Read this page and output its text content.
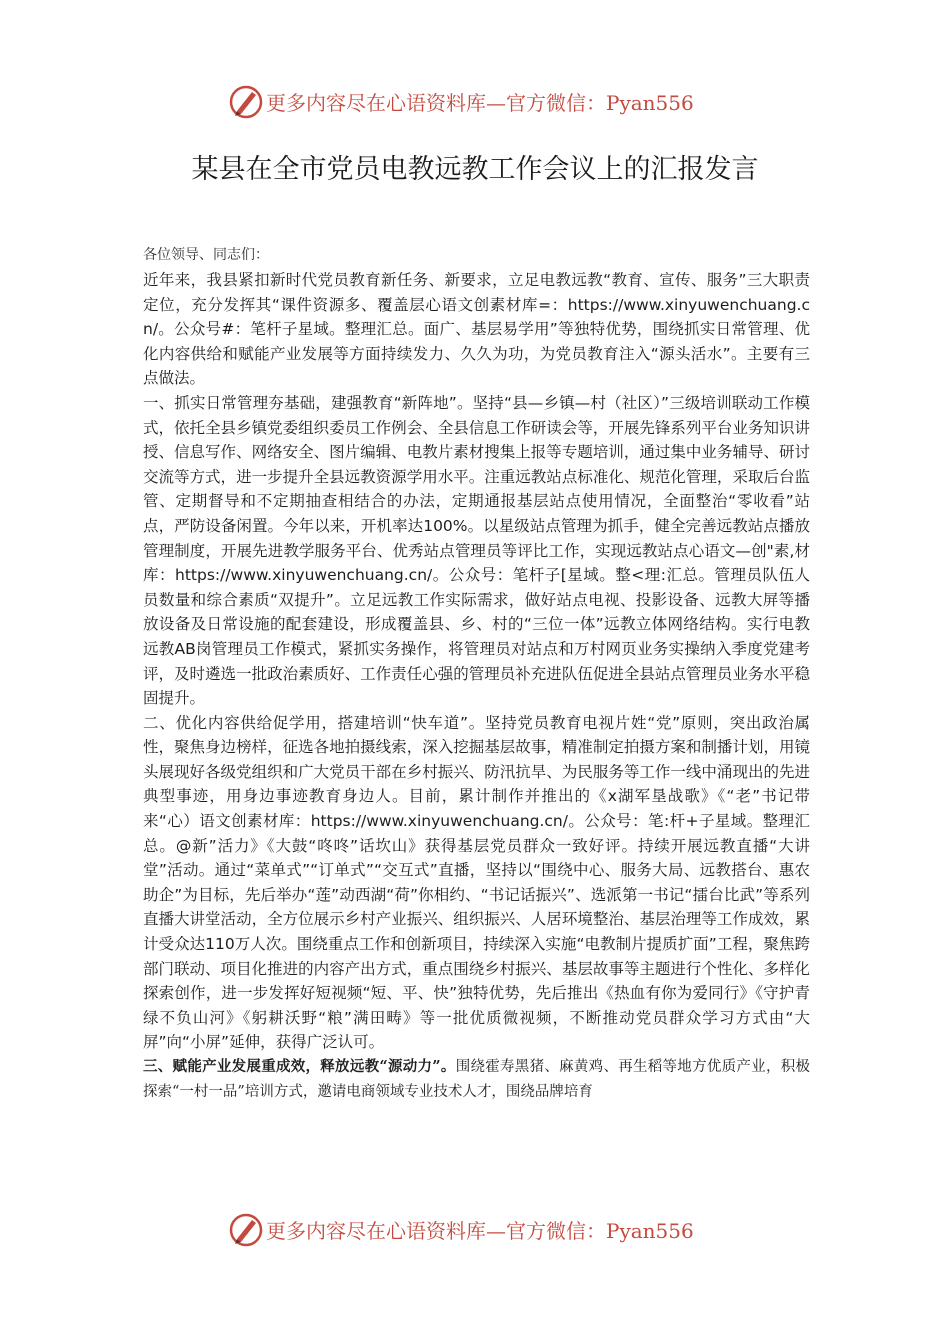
更多内容尽在心语资料库—官方微信：Pyan556
某县在全市党员电教远教工作会议上的汇报发言

各位领导、同志们：

近年来，我县紧扣新时代党员教育新任务、新要求，立足电教远教“教育、宣传、服务”三大职责定位，充分发挥其“课件资源多、覆盖层心语文创素材库=：https://www.xinyuwenchuang.cn/。公众号#：笔杆子星域。整理汇总。面广、基层易学用”等独特优势，围绕抓实日常管理、优化内容供给和赋能产业发展等方面持续发力、久久为功，为党员教育注入“源头活水”。主要有三点做法。

一、抓实日常管理夯基础，建强教育“新阵地”。坚持“县—乡镇—村（社区）”三级培训联动工作模式，依托全县乡镇党委组织委员工作例会、全县信息工作研读会等，开展先锋系列平台业务知识讲授、信息写作、网络安全、图片编辑、电教片素材搜集上报等专题培训，通过集中业务辅导、研讨交流等方式，进一步提升全县远教资源学用水平。注重远教站点标准化、规范化管理，采取后台监管、定期督导和不定期抽查相结合的办法，定期通报基层站点使用情况，全面整治“零收看”站点，严防设备闲置。今年以来，开机率达100%。以星级站点管理为抓手，健全完善远教站点播放管理制度，开展先进教学服务平台、优秀站点管理员等评比工作，实现远教站点心语文—创"素,材库：https://www.xinyuwenchuang.cn/。公众号：笔杆子[星域。整<理:汇总。管理员队伍人员数量和综合素质“双提升”。立足远教工作实际需求，做好站点电视、投影设备、远教大屏等播放设备及日常设施的配套建设，形成覆盖县、乡、村的“三位一体”远教立体网络结构。实行电教远教AB岗管理员工作模式，紧抓实务操作，将管理员对站点和万村网页业务实操纳入季度党建考评，及时遴选一批政治素质好、工作责任心强的管理员补充进队伍促进全县站点管理员业务水平稳固提升。

二、优化内容供给促学用，搭建培训“快车道”。坚持党员教育电视片姓“党”原则，突出政治属性，聚焦身边榜样，征选各地拍摄线索，深入挖掘基层故事，精准制定拍摄方案和制播计划，用镜头展现好各级党组织和广大党员干部在乡村振兴、防汛抗旱、为民服务等工作一线中涌现出的先进典型事迹，用身边事迹教育身边人。目前，累计制作并推出的《x湖军垦战歌》《“老”书记带来“心）语文创素材库：https://www.xinyuwenchuang.cn/。公众号：笔:杆+子星域。整理汇总。@新”活力》《大鼓“咚咚”话坎山》获得基层党员群众一致好评。持续开展远教直播“大讲堂”活动。通过“菜单式”“订单式”“交互式”直播，坚持以“围绕中心、服务大局、远教搭台、惠农助企”为目标，先后举办“莲”动西湖“荷”你相约、“书记话振兴”、选派第一书记“擂台比武”等系列直播大讲堂活动，全方位展示乡村产业振兴、组织振兴、人居环境整治、基层治理等工作成效，累计受众达110万人次。围绕重点工作和创新项目，持续深入实施“电教制片提质扩面”工程，聚焦跨部门联动、项目化推进的内容产出方式，重点围绕乡村振兴、基层故事等主题进行个性化、多样化探索创作，进一步发挥好短视频“短、平、快”独特优势，先后推出《热血有你为爱同行》《守护青绿不负山河》《躬耕沃野“粮”满田畴》等一批优质微视频，不断推动党员群众学习方式由“大屏”向“小屏”延伸，获得广泛认可。

三、赋能产业发展重成效，释放远教“源动力”。围绕霍寿黑猪、麻黄鸡、再生稻等地方优质产业，积极探索“一村一品”培训方式，邀请电商领域专业技术人才，围绕品牌培育

更多内容尽在心语资料库—官方微信：Pyan556
